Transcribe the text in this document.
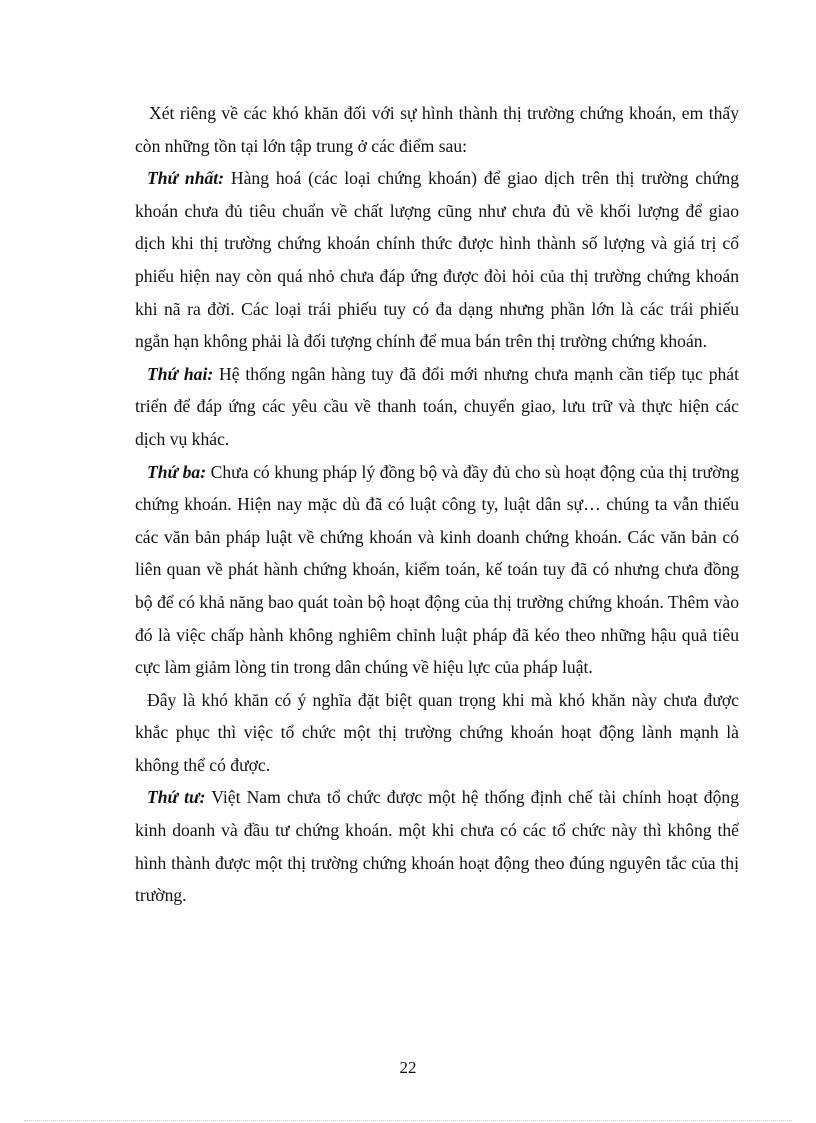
Xét riêng về các khó khăn đối với sự hình thành thị trường chứng khoán, em thấy còn những tồn tại lớn tập trung ở các điểm sau:

Thứ nhất: Hàng hoá (các loại chứng khoán) để giao dịch trên thị trường chứng khoán chưa đủ tiêu chuẩn về chất lượng cũng như chưa đủ về khối lượng để giao dịch khi thị trường chứng khoán chính thức được hình thành số lượng và giá trị cổ phiếu hiện nay còn quá nhỏ chưa đáp ứng được đòi hỏi của thị trường chứng khoán khi nã ra đời. Các loại trái phiếu tuy có đa dạng nhưng phần lớn là các trái phiếu ngắn hạn không phải là đối tượng chính để mua bán trên thị trường chứng khoán.

Thứ hai: Hệ thống ngân hàng tuy đã đổi mới nhưng chưa mạnh cần tiếp tục phát triển để đáp ứng các yêu cầu về thanh toán, chuyển giao, lưu trữ và thực hiện các dịch vụ khác.

Thứ ba: Chưa có khung pháp lý đồng bộ và đầy đủ cho sù hoạt động của thị trường chứng khoán. Hiện nay mặc dù đã có luật công ty, luật dân sự… chúng ta vẫn thiếu các văn bản pháp luật về chứng khoán và kinh doanh chứng khoán. Các văn bản có liên quan về phát hành chứng khoán, kiểm toán, kế toán tuy đã có nhưng chưa đồng bộ để có khả năng bao quát toàn bộ hoạt động của thị trường chứng khoán. Thêm vào đó là việc chấp hành không nghiêm chỉnh luật pháp đã kéo theo những hậu quả tiêu cực làm giảm lòng tin trong dân chúng về hiệu lực của pháp luật.

Đây là khó khăn có ý nghĩa đặt biệt quan trọng khi mà khó khăn này chưa được khắc phục thì việc tổ chức một thị trường chứng khoán hoạt động lành mạnh là không thể có được.

Thứ tư: Việt Nam chưa tổ chức được một hệ thống định chế tài chính hoạt động kinh doanh và đầu tư chứng khoán. một khi chưa có các tổ chức này thì không thể hình thành được một thị trường chứng khoán hoạt động theo đúng nguyên tắc của thị trường.

22
